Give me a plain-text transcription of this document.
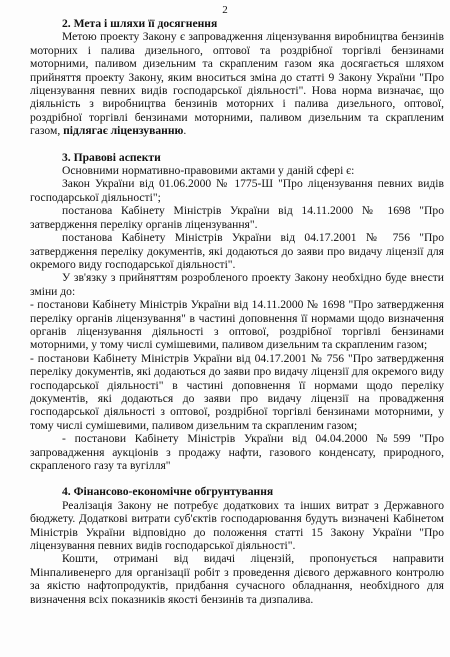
2

2. Мета і шляхи її досягнення

Метою проекту Закону є запровадження ліцензування виробництва бензинів моторних і палива дизельного, оптової та роздрібної торгівлі бензинами моторними, паливом дизельним та скрапленим газом яка досягається шляхом прийняття проекту Закону, яким вноситься зміна до статті 9 Закону України "Про ліцензування певних видів господарської діяльності". Нова норма визначає, що діяльність з виробництва бензинів моторних і палива дизельного, оптової, роздрібної торгівлі бензинами моторними, паливом дизельним та скрапленим газом, підлягає ліцензуванню.

3. Правові аспекти

Основними нормативно-правовими актами у даній сфері є:

Закон України від 01.06.2000 № 1775-Ш "Про ліцензування певних видів господарської діяльності";

постанова Кабінету Міністрів України від 14.11.2000 № 1698 "Про затвердження переліку органів ліцензування".

постанова Кабінету Міністрів України від 04.17.2001 № 756 "Про затвердження переліку документів, які додаються до заяви про видачу ліцензії для окремого виду господарської діяльності".

У зв'язку з прийняттям розробленого проекту Закону необхідно буде внести зміни до:

- постанови Кабінету Міністрів України від 14.11.2000 № 1698 "Про затвердження переліку органів ліцензування" в частині доповнення її нормами щодо визначення органів ліцензування діяльності з оптової, роздрібної торгівлі бензинами моторними, у тому числі сумішевими, паливом дизельним та скрапленим газом;

- постанови Кабінету Міністрів України від 04.17.2001 № 756 "Про затвердження переліку документів, які додаються до заяви про видачу ліцензії для окремого виду господарської діяльності" в частині доповнення її нормами щодо переліку документів, які додаються до заяви про видачу ліцензії на провадження господарської діяльності з оптової, роздрібної торгівлі бензинами моторними, у тому числі сумішевими, паливом дизельним та скрапленим газом;

- постанови Кабінету Міністрів України від 04.04.2000 №599 "Про запровадження аукціонів з продажу нафти, газового конденсату, природного, скрапленого газу та вугілля"

4. Фінансово-економічне обгрунтування

Реалізація Закону не потребує додаткових та інших витрат з Державного бюджету. Додаткові витрати суб'єктів господарювання будуть визначені Кабінетом Міністрів України відповідно до положення статті 15 Закону України "Про ліцензування певних видів господарської діяльності".

Кошти, отримані від видачі ліцензій, пропонується направити Мінпаливенерго для організації робіт з проведення дієвого державного контролю за якістю нафтопродуктів, придбання сучасного обладнання, необхідного для визначення всіх показників якості бензинів та дизпалива.
